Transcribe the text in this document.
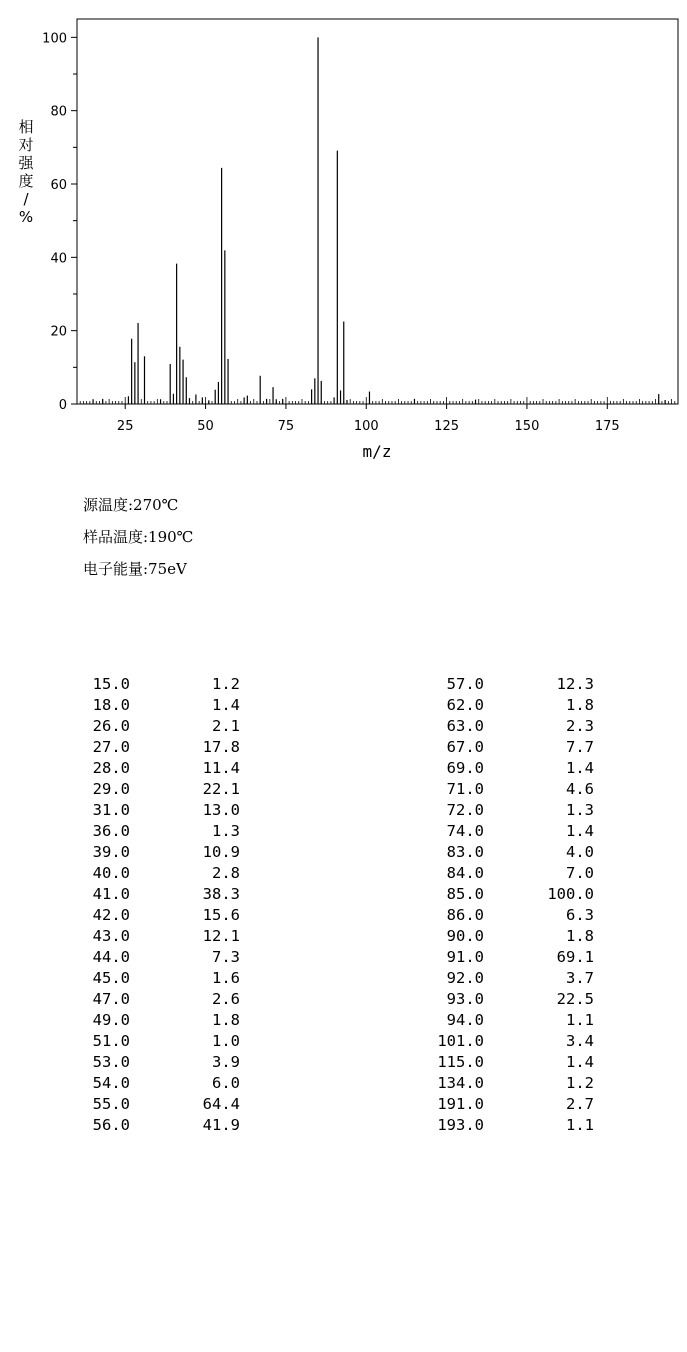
25	50	75	100	125	150	175
0
20
40
60
80
100
m/z
相对强度/ %
源温度:270℃
样品温度:190℃
电子能量:75eV
15.0	1.2
18.0	1.4
26.0	2.1
27.0	17.8
28.0	11.4
29.0	22.1
31.0	13.0
36.0	1.3
39.0	10.9
40.0	2.8
41.0	38.3
42.0	15.6
43.0	12.1
44.0	7.3
45.0	1.6
47.0	2.6
49.0	1.8
51.0	1.0
53.0	3.9
54.0	6.0
55.0	64.4
56.0	41.9
57.0	12.3
62.0	1.8
63.0	2.3
67.0	7.7
69.0	1.4
71.0	4.6
72.0	1.3
74.0	1.4
83.0	4.0
84.0	7.0
85.0	100.0
86.0	6.3
90.0	1.8
91.0	69.1
92.0	3.7
93.0	22.5
94.0	1.1
101.0	3.4
115.0	1.4
134.0	1.2
191.0	2.7
193.0	1.1
